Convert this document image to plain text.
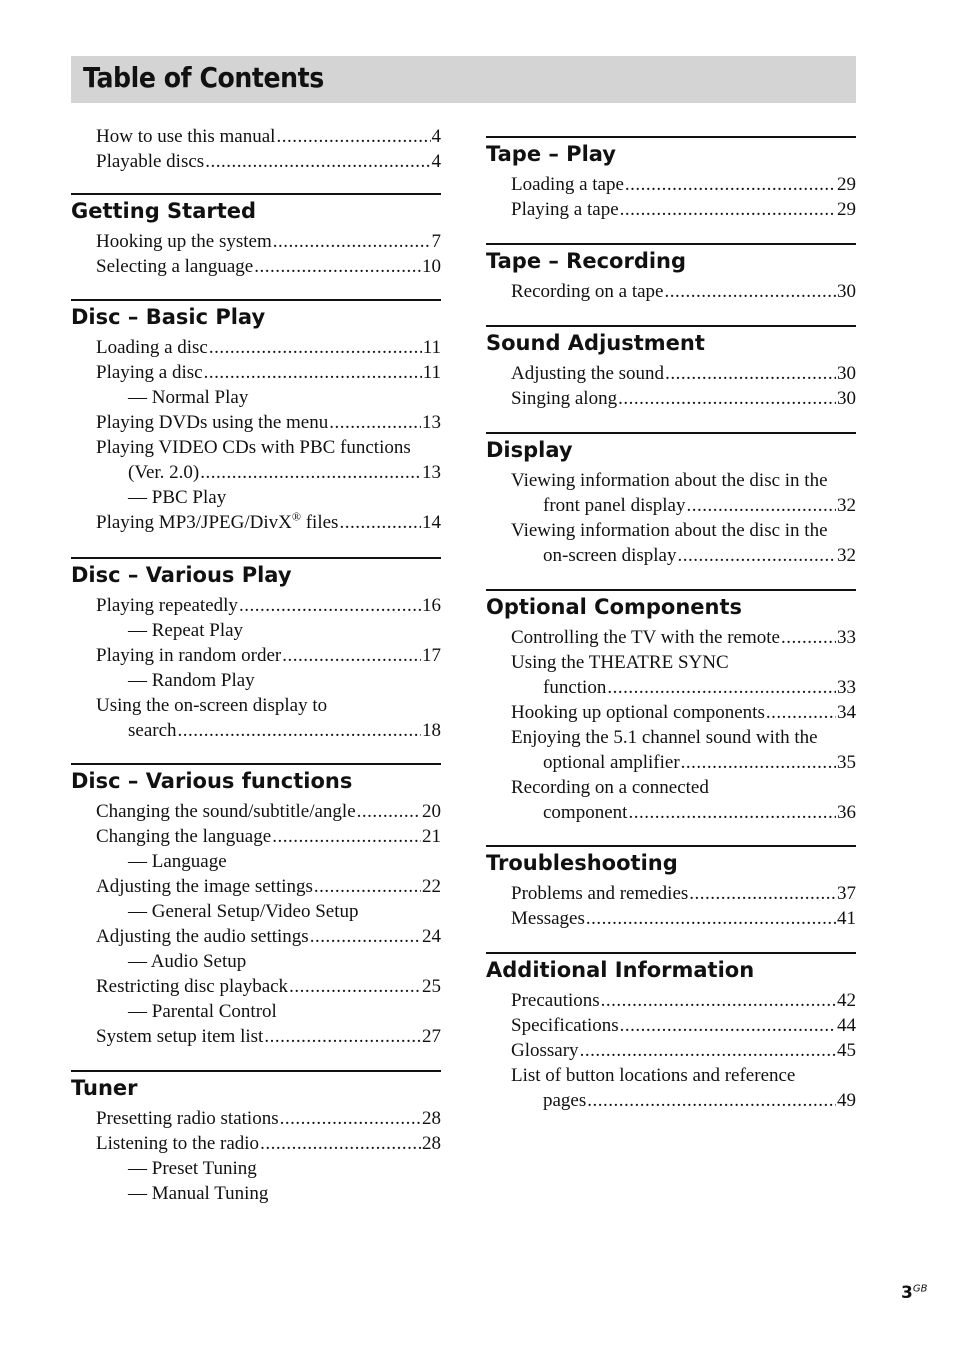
Table of Contents
How to use this manual .....	4
Playable discs .....	4
Getting Started
Hooking up the system .....	7
Selecting a language .....	10
Disc – Basic Play
Loading a disc .....	11
Playing a disc .....	11
— Normal Play
Playing DVDs using the menu .....	13
Playing VIDEO CDs with PBC functions
(Ver. 2.0) .....	13
— PBC Play
Playing MP3/JPEG/DivX® files .....	14
Disc – Various Play
Playing repeatedly .....	16
— Repeat Play
Playing in random order .....	17
— Random Play
Using the on-screen display to
search .....	18
Disc – Various functions
Changing the sound/subtitle/angle .....	20
Changing the language .....	21
— Language
Adjusting the image settings .....	22
— General Setup/Video Setup
Adjusting the audio settings .....	24
— Audio Setup
Restricting disc playback .....	25
— Parental Control
System setup item list .....	27
Tuner
Presetting radio stations .....	28
Listening to the radio .....	28
— Preset Tuning
— Manual Tuning
Tape – Play
Loading a tape .....	29
Playing a tape .....	29
Tape – Recording
Recording on a tape .....	30
Sound Adjustment
Adjusting the sound .....	30
Singing along .....	30
Display
Viewing information about the disc in the
front panel display .....	32
Viewing information about the disc in the
on-screen display .....	32
Optional Components
Controlling the TV with the remote .....	33
Using the THEATRE SYNC
function .....	33
Hooking up optional components .....	34
Enjoying the 5.1 channel sound with the
optional amplifier .....	35
Recording on a connected
component .....	36
Troubleshooting
Problems and remedies .....	37
Messages .....	41
Additional Information
Precautions .....	42
Specifications .....	44
Glossary .....	45
List of button locations and reference
pages .....	49
$3^{GB}$
